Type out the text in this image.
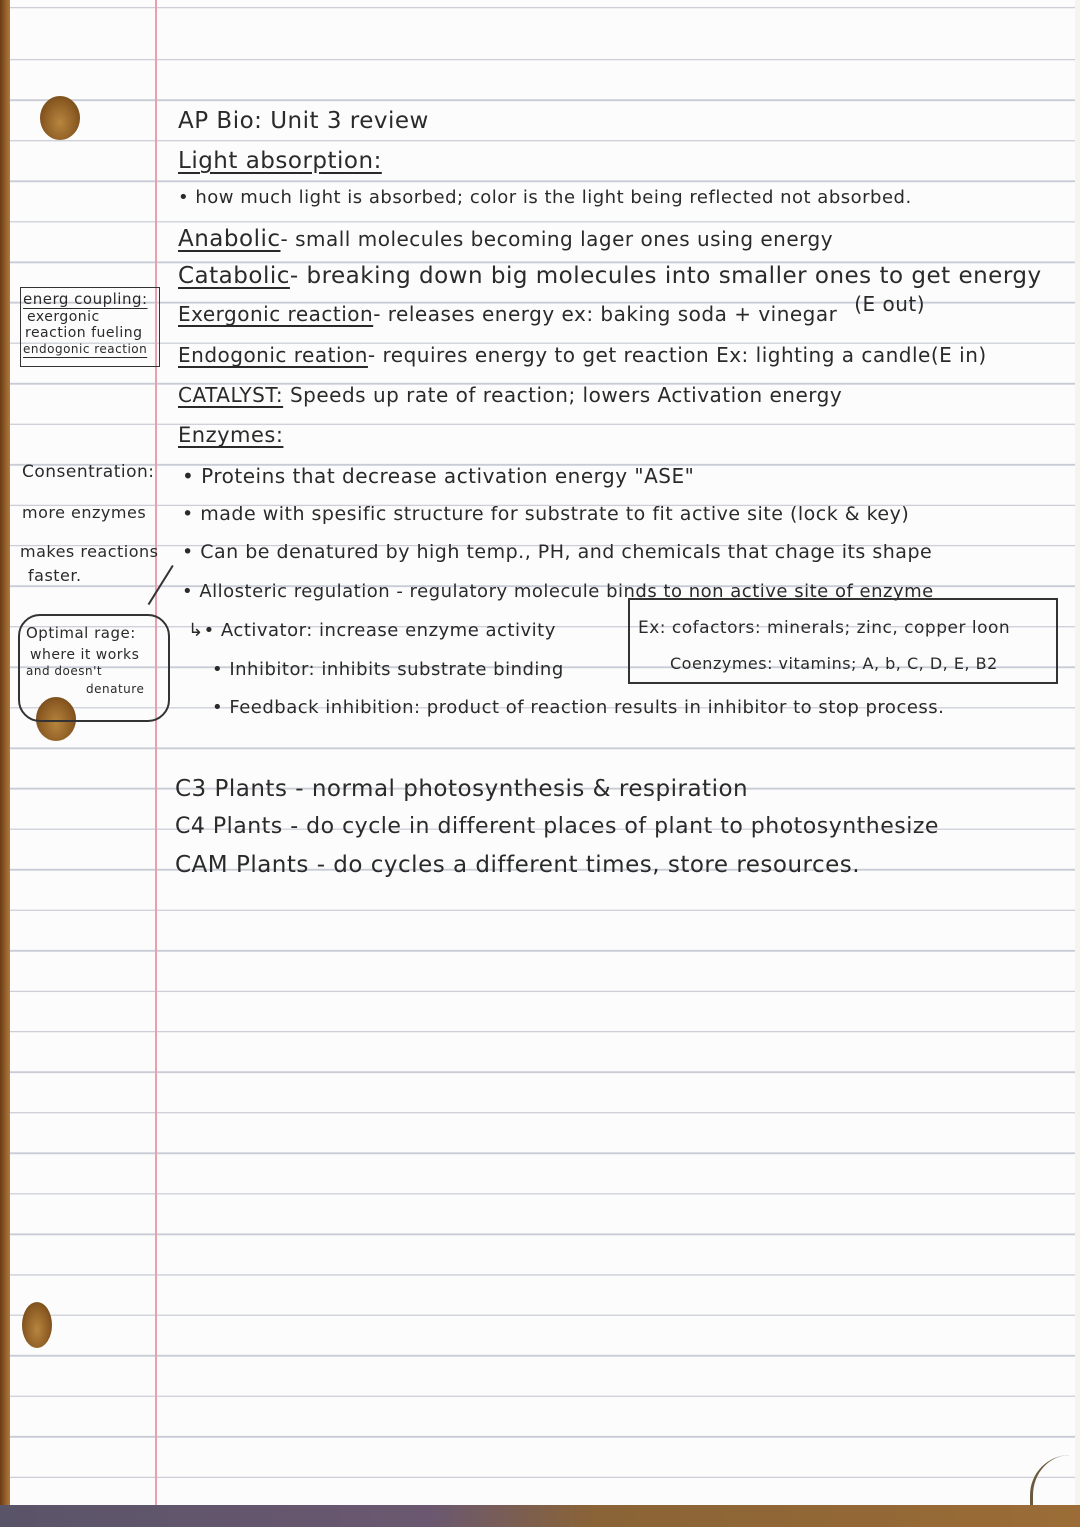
AP Bio: Unit 3 review
Light absorption:
• how much light is absorbed; color is the light being reflected not absorbed.
Anabolic- small molecules becoming lager ones using energy
Catabolic- breaking down big molecules into smaller ones to get energy
Exergonic reaction- releases energy ex: baking soda + vinegar (E out)
Endogonic reation- requires energy to get reaction Ex: lighting a candle(E in)
CATALYST: Speeds up rate of reaction; lowers Activation energy
Enzymes:
• Proteins that decrease activation energy "ASE"
• made with spesific structure for substrate to fit active site (lock & key)
• Can be denatured by high temp., PH, and chemicals that chage its shape
• Allosteric regulation - regulatory molecule binds to non active site of enzyme
↳• Activator: increase enzyme activity
• Inhibitor: inhibits substrate binding
• Feedback inhibition: product of reaction results in inhibitor to stop process.
Ex: cofactors: minerals; zinc, copper loon
Coenzymes: vitamins; A, b, C, D, E, B2
C3 Plants - normal photosynthesis & respiration
C4 Plants - do cycle in different places of plant to photosynthesize
CAM Plants - do cycles a different times, store resources.
energ coupling:
exergonic
reaction fueling
endogonic reaction
Consentration:
more enzymes
makes reactions
faster.
Optimal rage:
where it works
and doesn't
denature
